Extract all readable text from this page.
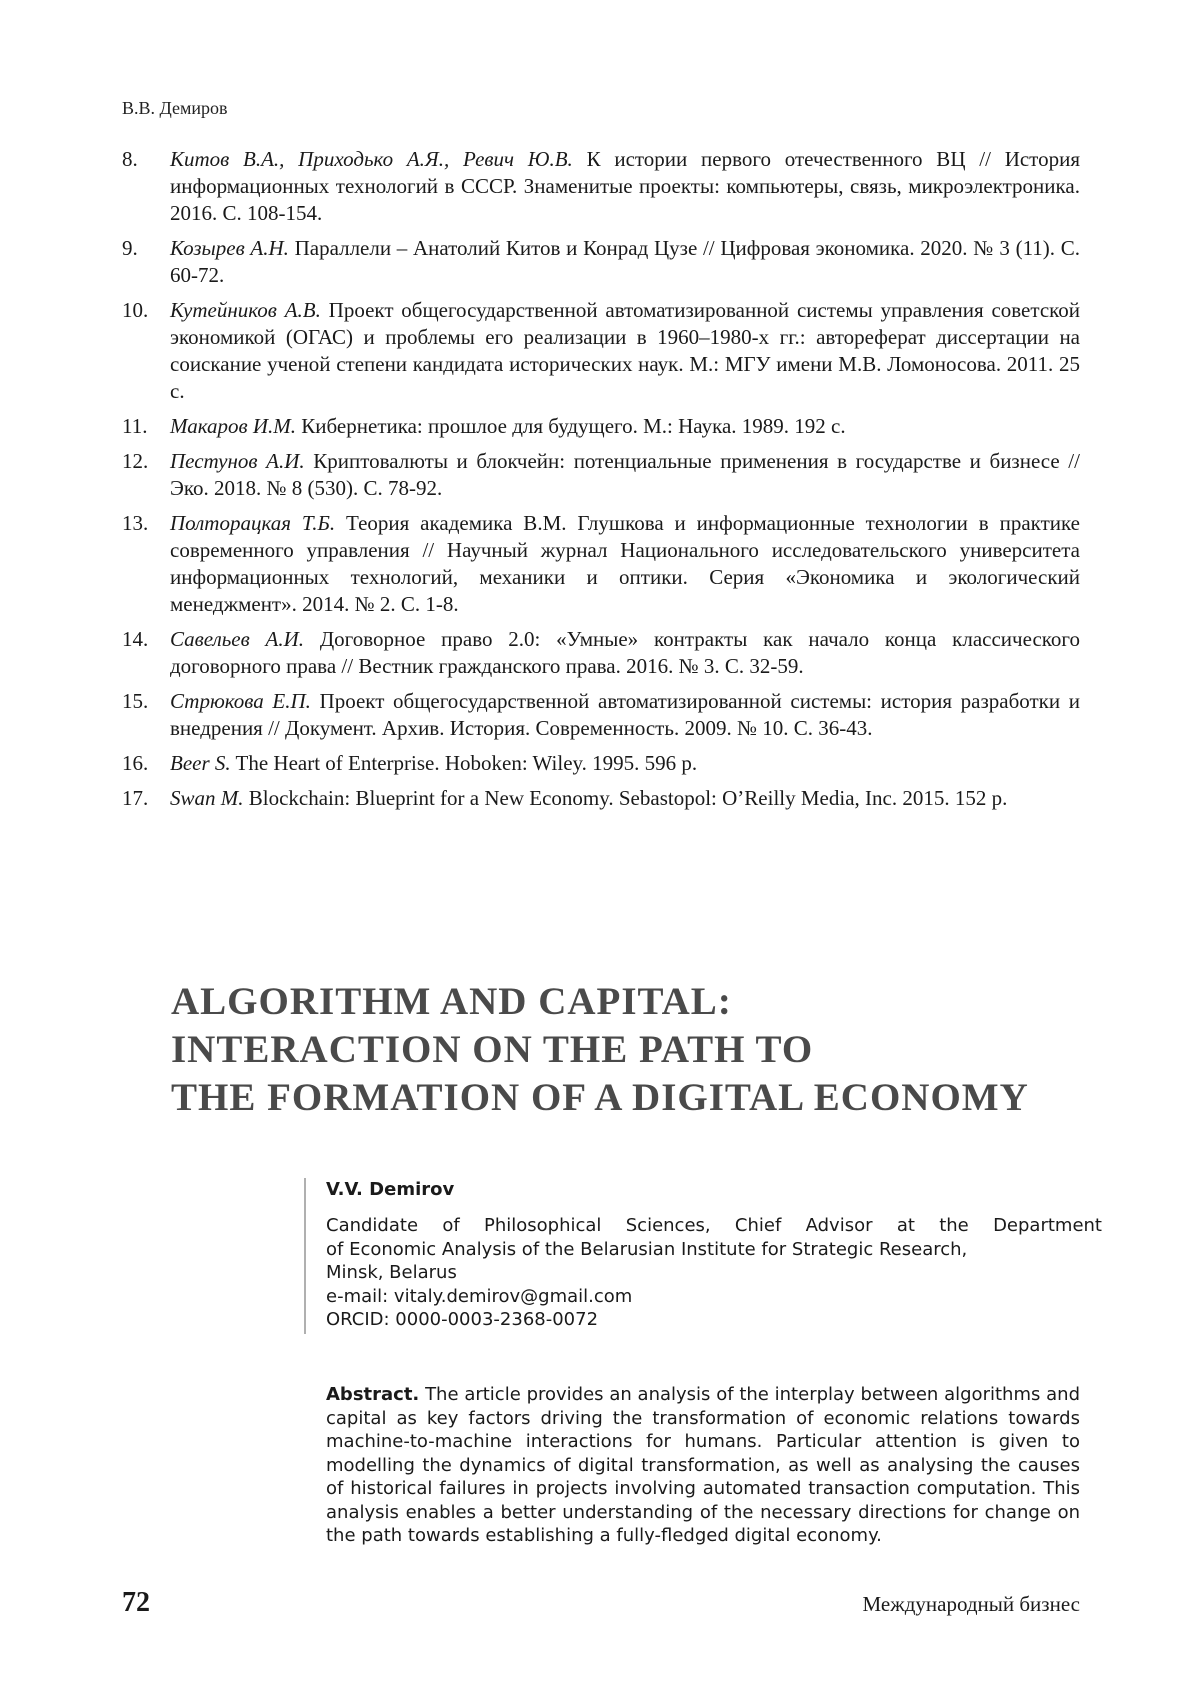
В.В. Демиров
8.	Китов В.А., Приходько А.Я., Ревич Ю.В. К истории первого отечественного ВЦ // История информационных технологий в СССР. Знаменитые проекты: компьютеры, связь, микроэлектроника. 2016. С. 108-154.
9.	Козырев А.Н. Параллели – Анатолий Китов и Конрад Цузе // Цифровая экономика. 2020. № 3 (11). С. 60-72.
10.	Кутейников А.В. Проект общегосударственной автоматизированной системы управления советской экономикой (ОГАС) и проблемы его реализации в 1960–1980-х гг.: автореферат диссертации на соискание ученой степени кандидата исторических наук. М.: МГУ имени М.В. Ломоносова. 2011. 25 с.
11.	Макаров И.М. Кибернетика: прошлое для будущего. М.: Наука. 1989. 192 с.
12.	Пестунов А.И. Криптовалюты и блокчейн: потенциальные применения в государстве и бизнесе // Эко. 2018. № 8 (530). С. 78-92.
13.	Полторацкая Т.Б. Теория академика В.М. Глушкова и информационные технологии в практике современного управления // Научный журнал Национального исследовательского университета информационных технологий, механики и оптики. Серия «Экономика и экологический менеджмент». 2014. № 2. С. 1-8.
14.	Савельев А.И. Договорное право 2.0: «Умные» контракты как начало конца классического договорного права // Вестник гражданского права. 2016. № 3. С. 32-59.
15.	Стрюкова Е.П. Проект общегосударственной автоматизированной системы: история разработки и внедрения // Документ. Архив. История. Современность. 2009. № 10. С. 36-43.
16.	Beer S. The Heart of Enterprise. Hoboken: Wiley. 1995. 596 p.
17.	Swan M. Blockchain: Blueprint for a New Economy. Sebastopol: O’Reilly Media, Inc. 2015. 152 p.
ALGORITHM AND CAPITAL:
INTERACTION ON THE PATH TO
THE FORMATION OF A DIGITAL ECONOMY
V.V. Demirov
Candidate of Philosophical Sciences, Chief Advisor at the Department
of Economic Analysis of the Belarusian Institute for Strategic Research,
Minsk, Belarus
e-mail: vitaly.demirov@gmail.com
ORCID: 0000-0003-2368-0072

Abstract. The article provides an analysis of the interplay between algorithms and capital as key factors driving the transformation of economic relations towards machine-to-machine interactions for humans. Particular attention is given to modelling the dynamics of digital transformation, as well as analysing the causes of historical failures in projects involving automated transaction computation. This analysis enables a better understanding of the necessary directions for change on the path towards establishing a fully-fledged digital economy.

72	Международный бизнес
